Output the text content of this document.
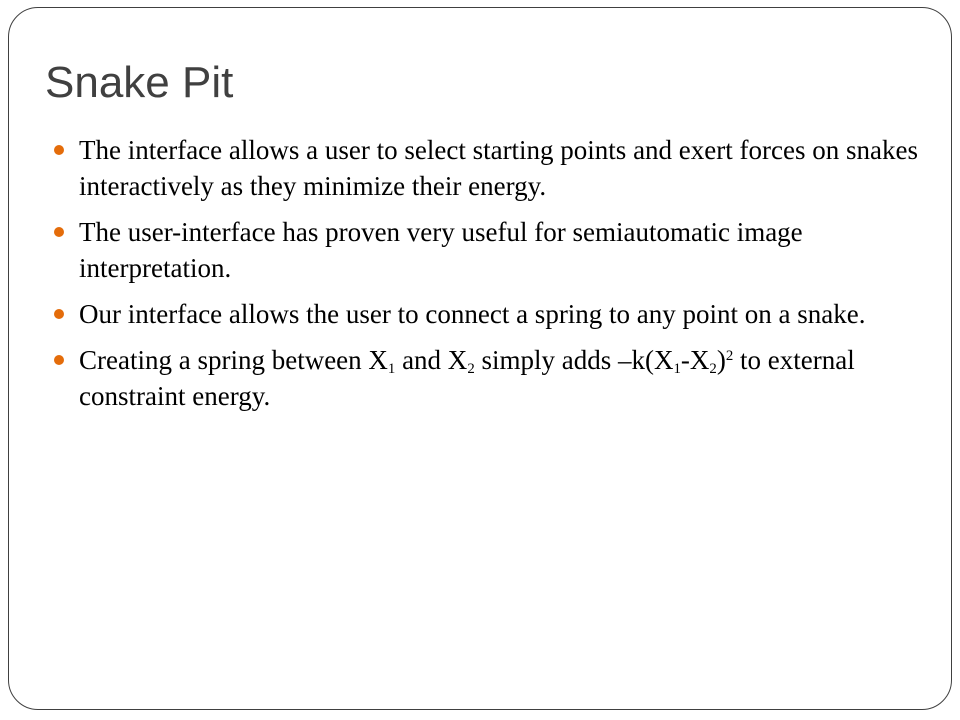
Snake Pit
The interface allows a user to select starting points and exert forces on snakes interactively as they minimize their energy.
The user-interface has proven very useful for semiautomatic image interpretation.
Our interface allows the user to connect a spring to any point on a snake.
Creating a spring between $X_1$ and $X_2$ simply adds $-k(X_1-X_2)^2$ to external constraint energy.
